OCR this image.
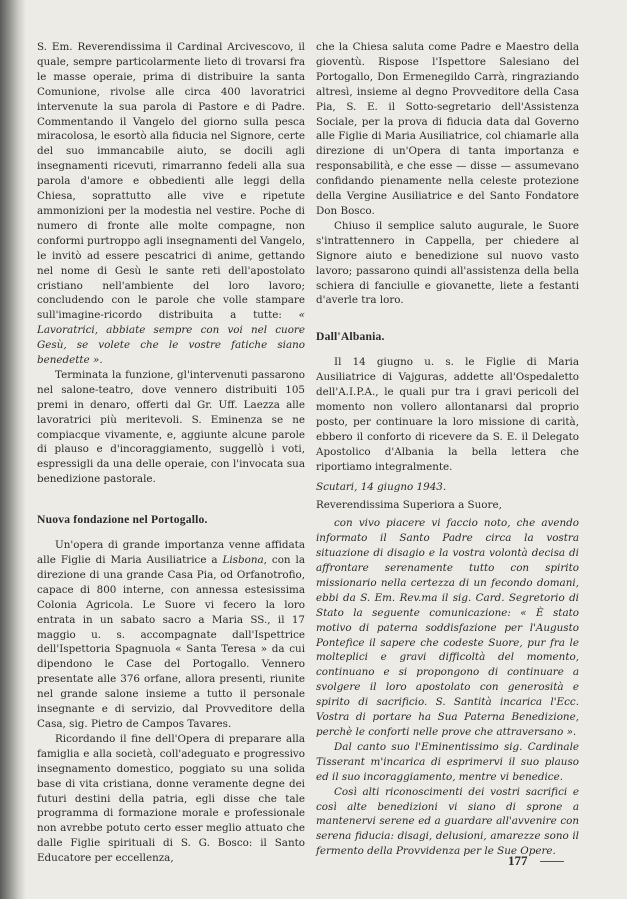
S. Em. Reverendissima il Cardinal Arcivescovo, il quale, sempre particolarmente lieto di trovarsi fra le masse operaie, prima di distribuire la santa Comunione, rivolse alle circa 400 lavoratrici intervenute la sua parola di Pastore e di Padre. Commentando il Vangelo del giorno sulla pesca miracolosa, le esortò alla fiducia nel Signore, certe del suo immancabile aiuto, se docili agli insegnamenti ricevuti, rimarranno fedeli alla sua parola d'amore e obbedienti alle leggi della Chiesa, soprattutto alle vive e ripetute ammonizioni per la modestia nel vestire. Poche di numero di fronte alle molte compagne, non conformi purtroppo agli insegnamenti del Vangelo, le invitò ad essere pescatrici di anime, gettando nel nome di Gesù le sante reti dell'apostolato cristiano nell'ambiente del loro lavoro; concludendo con le parole che volle stampare sull'imagine-ricordo distribuita a tutte: « Lavoratrici, abbiate sempre con voi nel cuore Gesù, se volete che le vostre fatiche siano benedette ».

Terminata la funzione, gl'intervenuti passarono nel salone-teatro, dove vennero distribuiti 105 premi in denaro, offerti dal Gr. Uff. Laezza alle lavoratrici più meritevoli. S. Eminenza se ne compiacque vivamente, e, aggiunte alcune parole di plauso e d'incoraggiamento, suggellò i voti, espressigli da una delle operaie, con l'invocata sua benedizione pastorale.

Nuova fondazione nel Portogallo.

Un'opera di grande importanza venne affidata alle Figlie di Maria Ausiliatrice a Lisbona, con la direzione di una grande Casa Pia, od Orfanotrofio, capace di 800 interne, con annessa estesissima Colonia Agricola. Le Suore vi fecero la loro entrata in un sabato sacro a Maria SS., il 17 maggio u. s. accompagnate dall'Ispettrice dell'Ispettoria Spagnuola « Santa Teresa » da cui dipendono le Case del Portogallo. Vennero presentate alle 376 orfane, allora presenti, riunite nel grande salone insieme a tutto il personale insegnante e di servizio, dal Provveditore della Casa, sig. Pietro de Campos Tavares.

Ricordando il fine dell'Opera di preparare alla famiglia e alla società, coll'adeguato e progressivo insegnamento domestico, poggiato su una solida base di vita cristiana, donne veramente degne dei futuri destini della patria, egli disse che tale programma di formazione morale e professionale non avrebbe potuto certo esser meglio attuato che dalle Figlie spirituali di S. G. Bosco: il Santo Educatore per eccellenza,

che la Chiesa saluta come Padre e Maestro della gioventù. Rispose l'Ispettore Salesiano del Portogallo, Don Ermenegildo Carrà, ringraziando altresì, insieme al degno Provveditore della Casa Pia, S. E. il Sotto-segretario dell'Assistenza Sociale, per la prova di fiducia data dal Governo alle Figlie di Maria Ausiliatrice, col chiamarle alla direzione di un'Opera di tanta importanza e responsabilità, e che esse — disse — assumevano confidando pienamente nella celeste protezione della Vergine Ausiliatrice e del Santo Fondatore Don Bosco.

Chiuso il semplice saluto augurale, le Suore s'intrattennero in Cappella, per chiedere al Signore aiuto e benedizione sul nuovo vasto lavoro; passarono quindi all'assistenza della bella schiera di fanciulle e giovanette, liete a festanti d'averle tra loro.

Dall'Albania.

Il 14 giugno u. s. le Figlie di Maria Ausiliatrice di Vajguras, addette all'Ospedaletto dell'A.I.P.A., le quali pur tra i gravi pericoli del momento non vollero allontanarsi dal proprio posto, per continuare la loro missione di carità, ebbero il conforto di ricevere da S. E. il Delegato Apostolico d'Albania la bella lettera che riportiamo integralmente.

Scutari, 14 giugno 1943.

Reverendissima Superiora a Suore,

con vivo piacere vi faccio noto, che avendo informato il Santo Padre circa la vostra situazione di disagio e la vostra volontà decisa di affrontare serenamente tutto con spirito missionario nella certezza di un fecondo domani, ebbi da S. Em. Rev.ma il sig. Card. Segretorio di Stato la seguente comunicazione: « È stato motivo di paterna soddisfazione per l'Augusto Pontefice il sapere che codeste Suore, pur fra le molteplici e gravi difficoltà del momento, continuano e si propongono di continuare a svolgere il loro apostolato con generosità e spirito di sacrificio. S. Santità incarica l'Ecc. Vostra di portare ha Sua Paterna Benedizione, perchè le conforti nelle prove che attraversano ».

Dal canto suo l'Eminentissimo sig. Cardinale Tisserant m'incarica di esprimervi il suo plauso ed il suo incoraggiamento, mentre vi benedice.

Così alti riconoscimenti dei vostri sacrifici e così alte benedizioni vi siano di sprone a mantenervi serene ed a guardare all'avvenire con serena fiducia: disagi, delusioni, amarezze sono il fermento della Provvidenza per le Sue Opere.

177
